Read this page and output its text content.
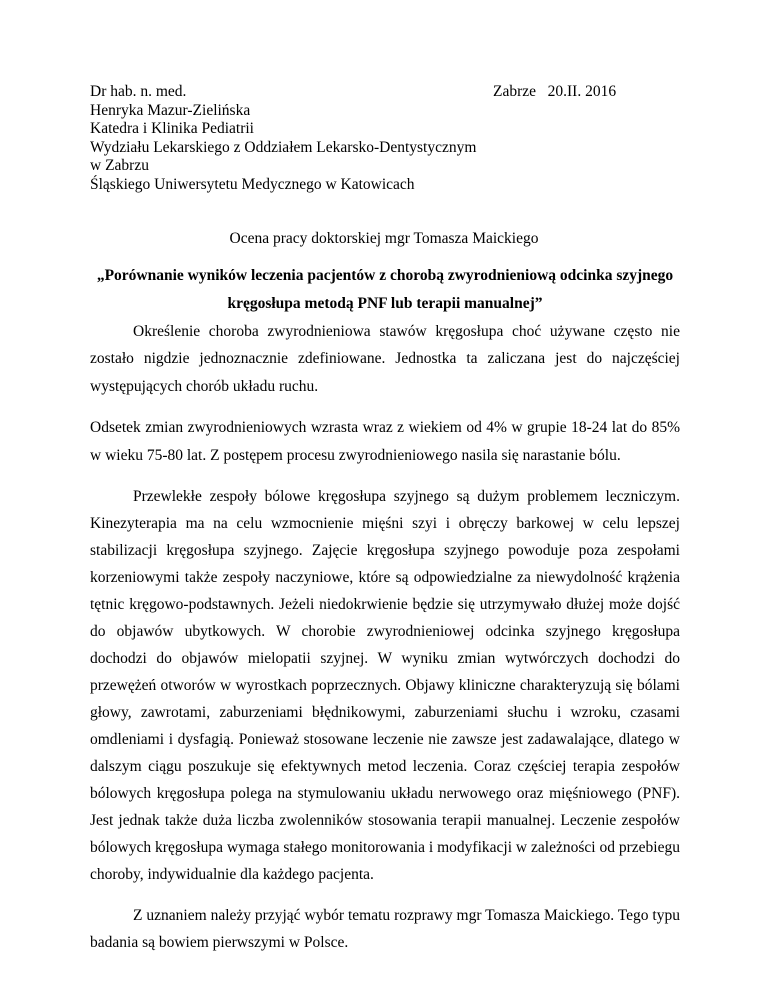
Dr hab. n. med.
Henryka Mazur-Zielińska
Katedra i Klinika Pediatrii
Wydziału Lekarskiego z Oddziałem Lekarsko-Dentystycznym
w Zabrzu
Śląskiego Uniwersytetu Medycznego w Katowicach
Zabrze   20.II. 2016
Ocena pracy doktorskiej mgr Tomasza Maickiego
„Porównanie wyników leczenia pacjentów z chorobą zwyrodnieniową odcinka szyjnego kręgosłupa metodą PNF lub terapii manualnej”

Określenie choroba zwyrodnieniowa stawów kręgosłupa choć używane często nie zostało nigdzie jednoznacznie zdefiniowane. Jednostka ta zaliczana jest do najczęściej występujących chorób układu ruchu.

Odsetek zmian zwyrodnieniowych wzrasta wraz z wiekiem od 4% w grupie 18-24 lat do 85% w wieku 75-80 lat. Z postępem procesu zwyrodnieniowego nasila się narastanie bólu.

Przewlekłe zespoły bólowe kręgosłupa szyjnego są dużym problemem leczniczym. Kinezyterapia ma na celu wzmocnienie mięśni szyi i obręczy barkowej w celu lepszej stabilizacji kręgosłupa szyjnego. Zajęcie kręgosłupa szyjnego powoduje poza zespołami korzeniowymi także zespoły naczyniowe, które są odpowiedzialne za niewydolność krążenia tętnic kręgowo-podstawnych. Jeżeli niedokrwienie będzie się utrzymywało dłużej może dojść do objawów ubytkowych. W chorobie zwyrodnieniowej odcinka szyjnego kręgosłupa dochodzi do objawów mielopatii szyjnej. W wyniku zmian wytwórczych dochodzi do przewężeń otworów w wyrostkach poprzecznych. Objawy kliniczne charakteryzują się bólami głowy, zawrotami, zaburzeniami błędnikowymi, zaburzeniami słuchu i wzroku, czasami omdleniami i dysfagią. Ponieważ stosowane leczenie nie zawsze jest zadawalające, dlatego w dalszym ciągu poszukuje się efektywnych metod leczenia. Coraz częściej terapia zespołów bólowych kręgosłupa polega na stymulowaniu układu nerwowego oraz mięśniowego (PNF). Jest jednak także duża liczba zwolenników stosowania terapii manualnej. Leczenie zespołów bólowych kręgosłupa wymaga stałego monitorowania i modyfikacji w zależności od przebiegu choroby, indywidualnie dla każdego pacjenta.

Z uznaniem należy przyjąć wybór tematu rozprawy mgr Tomasza Maickiego. Tego typu badania są bowiem pierwszymi w Polsce.
